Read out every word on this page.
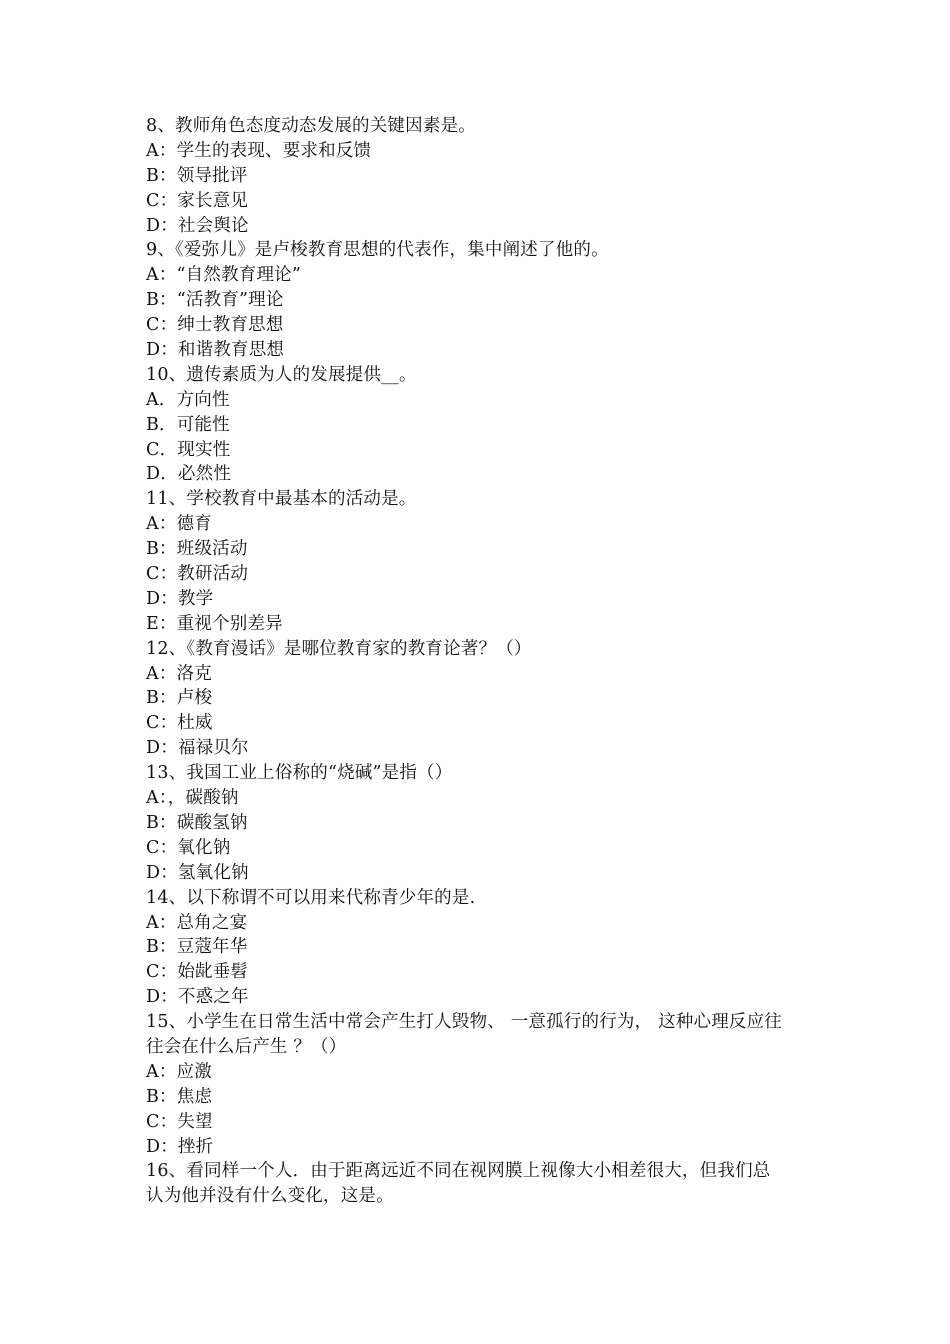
8、教师角色态度动态发展的关键因素是。
A：学生的表现、要求和反馈
B：领导批评
C：家长意见
D：社会舆论
9、《爱弥儿》是卢梭教育思想的代表作，集中阐述了他的。
A：“自然教育理论”
B：“活教育”理论
C：绅士教育思想
D：和谐教育思想
10、遗传素质为人的发展提供__。
A．方向性
B．可能性
C．现实性
D．必然性
11、学校教育中最基本的活动是。
A：德育
B：班级活动
C：教研活动
D：教学
E：重视个别差异
12、《教育漫话》是哪位教育家的教育论著？（）
A：洛克
B：卢梭
C：杜威
D：福禄贝尔
13、我国工业上俗称的“烧碱”是指（）
A：，碳酸钠
B：碳酸氢钠
C：氧化钠
D：氢氧化钠
14、以下称谓不可以用来代称青少年的是.
A：总角之宴
B：豆蔻年华
C：始龀垂髫
D：不惑之年
15、小学生在日常生活中常会产生打人毁物、 一意孤行的行为， 这种心理反应往
往会在什么后产生 ？（）
A：应激
B：焦虑
C：失望
D：挫折
16、看同样一个人．由于距离远近不同在视网膜上视像大小相差很大，但我们总
认为他并没有什么变化，这是。
